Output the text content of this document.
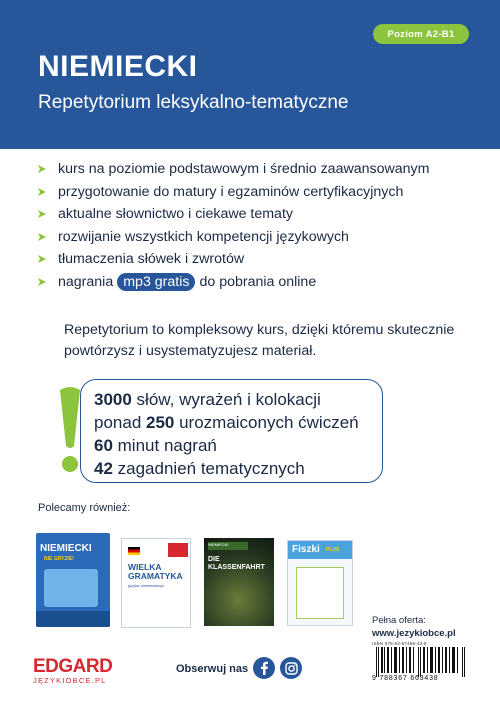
Poziom A2-B1
NIEMIECKI
Repetytorium leksykalno-tematyczne
kurs na poziomie podstawowym i średnio zaawansowanym
przygotowanie do matury i egzaminów certyfikacyjnych
aktualne słownictwo i ciekawe tematy
rozwijanie wszystkich kompetencji językowych
tłumaczenia słówek i zwrotów
nagrania mp3 gratis do pobrania online
Repetytorium to kompleksowy kurs, dzięki któremu skutecznie powtórzysz i usystematyzujesz materiał.
3000 słów, wyrażeń i kolokacji
ponad 250 urozmaiconych ćwiczeń
60 minut nagrań
42 zagadnień tematycznych
Polecamy również:
NIEMIECKI
NIE GRYZIE!
WIELKA GRAMATYKA
języka niemieckiego
NIEMIECKI
DIE KLASSENFAHRT
Fiszki PLUS
Pełna oferta:
www.jezykiobce.pl
ISBN 978-83-67465-43-8
9 788367 663438
EDGARD
JĘZYKIOBCE.PL
Obserwuj nas
